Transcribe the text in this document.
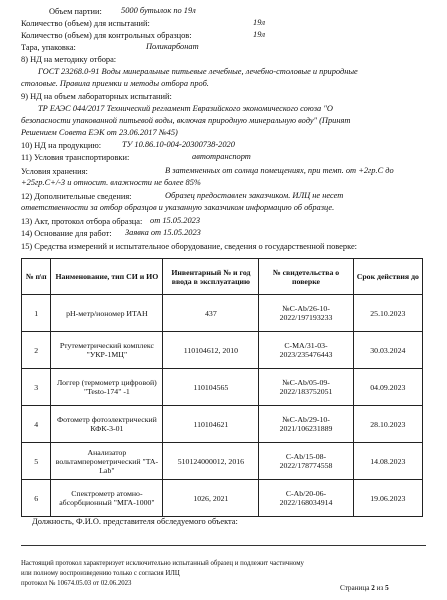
Объем партии: 5000 бутылок по 19л
Количество (объем) для испытаний:	19л
Количество (объем) для контрольных образцов:	19л
Тара, упаковка:	Поликарбонат
8) НД на методику отбора:
ГОСТ 23268.0-91 Воды минеральные питьевые лечебные, лечебно-столовые и природные
столовые. Правила приемки и методы отбора проб.
9) НД на объем лабораторных испытаний:
ТР ЕАЭС 044/2017 Технический регламент Евразийского экономического союза "О
безопасности упакованной питьевой воды, включая природную минеральную воду" (Принят
Решением Совета ЕЭК от 23.06.2017 №45)
10) НД на продукцию: ТУ 10.86.10-004-20300738-2020
11) Условия транспортировки:	автотранспорт
Условия хранения:	В затемненных от солнца помещениях, при темп. от +2гр.С до
+25гр.С+/-3 и относит. влажности не более 85%
12) Дополнительные сведения:	Образец предоставлен заказчиком. ИЛЦ не несет
ответственности за отбор образцов и указанную заказчиком информацию об образце.
13) Акт, протокол отбора образца: от 15.05.2023
14) Основание для работ: Заявка от 15.05.2023
15) Средства измерений и испытательное оборудование, сведения о государственной поверке:
№ п\п	Наименование, тип СИ и ИО	Инвентарный № и год ввода в эксплуатацию	№ свидетельства о поверке	Срок действия до
1	pH-метр/иономер ИТАН	437	№С-Ab/26-10-2022/197193233	25.10.2023
2	Ртутеметрический комплекс "УКР-1МЦ"	110104612, 2010	С-МА/31-03-2023/235476443	30.03.2024
3	Логгер (термометр цифровой) "Testo-174" -1	110104565	№С-Ab/05-09-2022/183752051	04.09.2023
4	Фотометр фотоэлектрический КФК-3-01	110104621	№С-Ab/29-10-2021/106231889	28.10.2023
5	Анализатор вольтамперометрический "TA-Lab"	510124000012, 2016	С-Ab/15-08-2022/178774558	14.08.2023
6	Спектрометр атомно-абсорбционный "МГА-1000"	1026, 2021	С-Ab/20-06-2022/168034914	19.06.2023
Должность, Ф.И.О. представителя обследуемого объекта:
Настоящий протокол характеризует исключительно испытанный образец и подлежит частичному
или полному воспроизведению только с согласия ИЛЦ
протокол № 10674.05.03 от 02.06.2023
Страница 2 из 5
